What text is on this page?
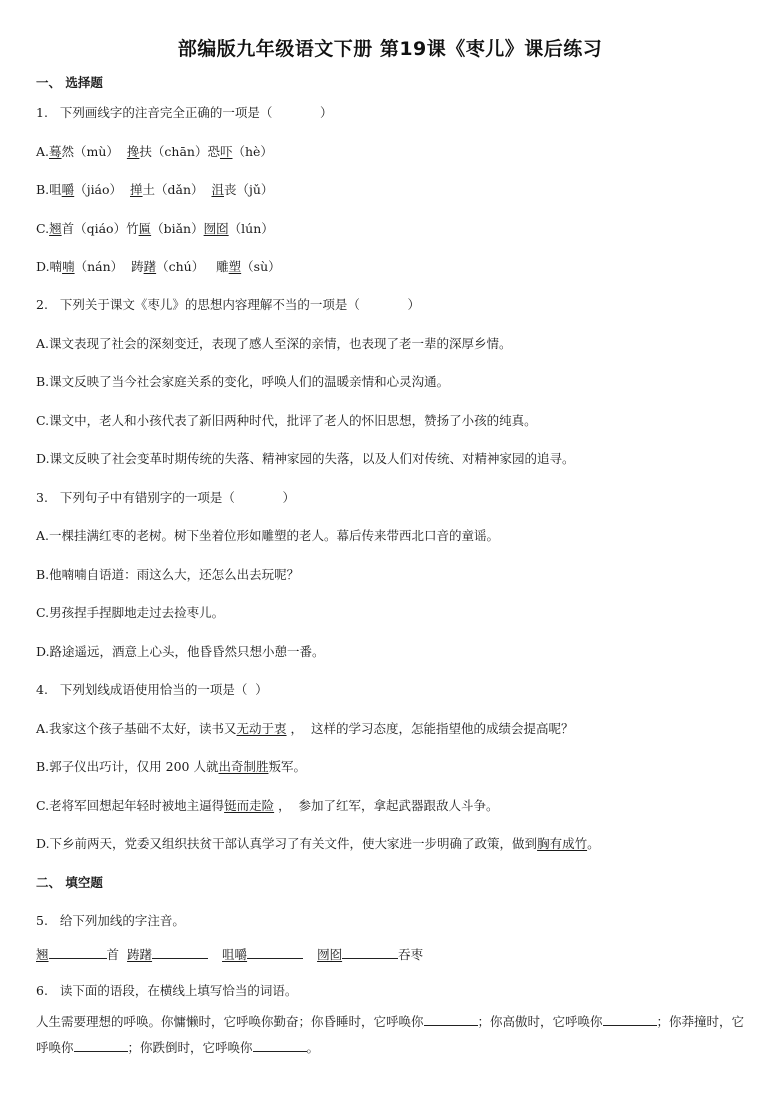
部编版九年级语文下册 第19课《枣儿》课后练习
一、 选择题
1.   下列画线字的注音完全正确的一项是（            ）
A.蓦然（mù）  搀扶（chān）恐吓（hè）
B.咀嚼（jiáo）  掸土（dǎn）  沮丧（jǔ）
C.翘首（qiáo）竹匾（biǎn）囫囵（lún）
D.喃喃（nán）  踌躇（chú）   雕塑（sù）
2.   下列关于课文《枣儿》的思想内容理解不当的一项是（            ）
A.课文表现了社会的深刻变迁，表现了感人至深的亲情，也表现了老一辈的深厚乡情。
B.课文反映了当今社会家庭关系的变化，呼唤人们的温暖亲情和心灵沟通。
C.课文中，老人和小孩代表了新旧两种时代，批评了老人的怀旧思想，赞扬了小孩的纯真。
D.课文反映了社会变革时期传统的失落、精神家园的失落，以及人们对传统、对精神家园的追寻。
3.   下列句子中有错别字的一项是（            ）
A.一棵挂满红枣的老树。树下坐着位形如雕塑的老人。幕后传来带西北口音的童谣。
B.他喃喃自语道：雨这么大，还怎么出去玩呢？
C.男孩捏手捏脚地走过去捡枣儿。
D.路途遥远，酒意上心头，他昏昏然只想小憩一番。
4.   下列划线成语使用恰当的一项是（  ）
A.我家这个孩子基础不太好，读书又无动于衷 ，  这样的学习态度，怎能指望他的成绩会提高呢？
B.郭子仪出巧计，仅用 200 人就出奇制胜叛军。
C.老将军回想起年轻时被地主逼得铤而走险 ，  参加了红军，拿起武器跟敌人斗争。
D.下乡前两天，党委又组织扶贫干部认真学习了有关文件，使大家进一步明确了政策，做到胸有成竹。
二、 填空题
5.   给下列加线的字注音。
翘	首 踌躇	咀嚼	囫囵	吞枣
6.   读下面的语段，在横线上填写恰当的词语。
人生需要理想的呼唤。你慵懒时，它呼唤你勤奋；你昏睡时，它呼唤你	；你高傲时，它呼唤你	；你莽撞时，它呼唤你	；你跌倒时，它呼唤你	。
